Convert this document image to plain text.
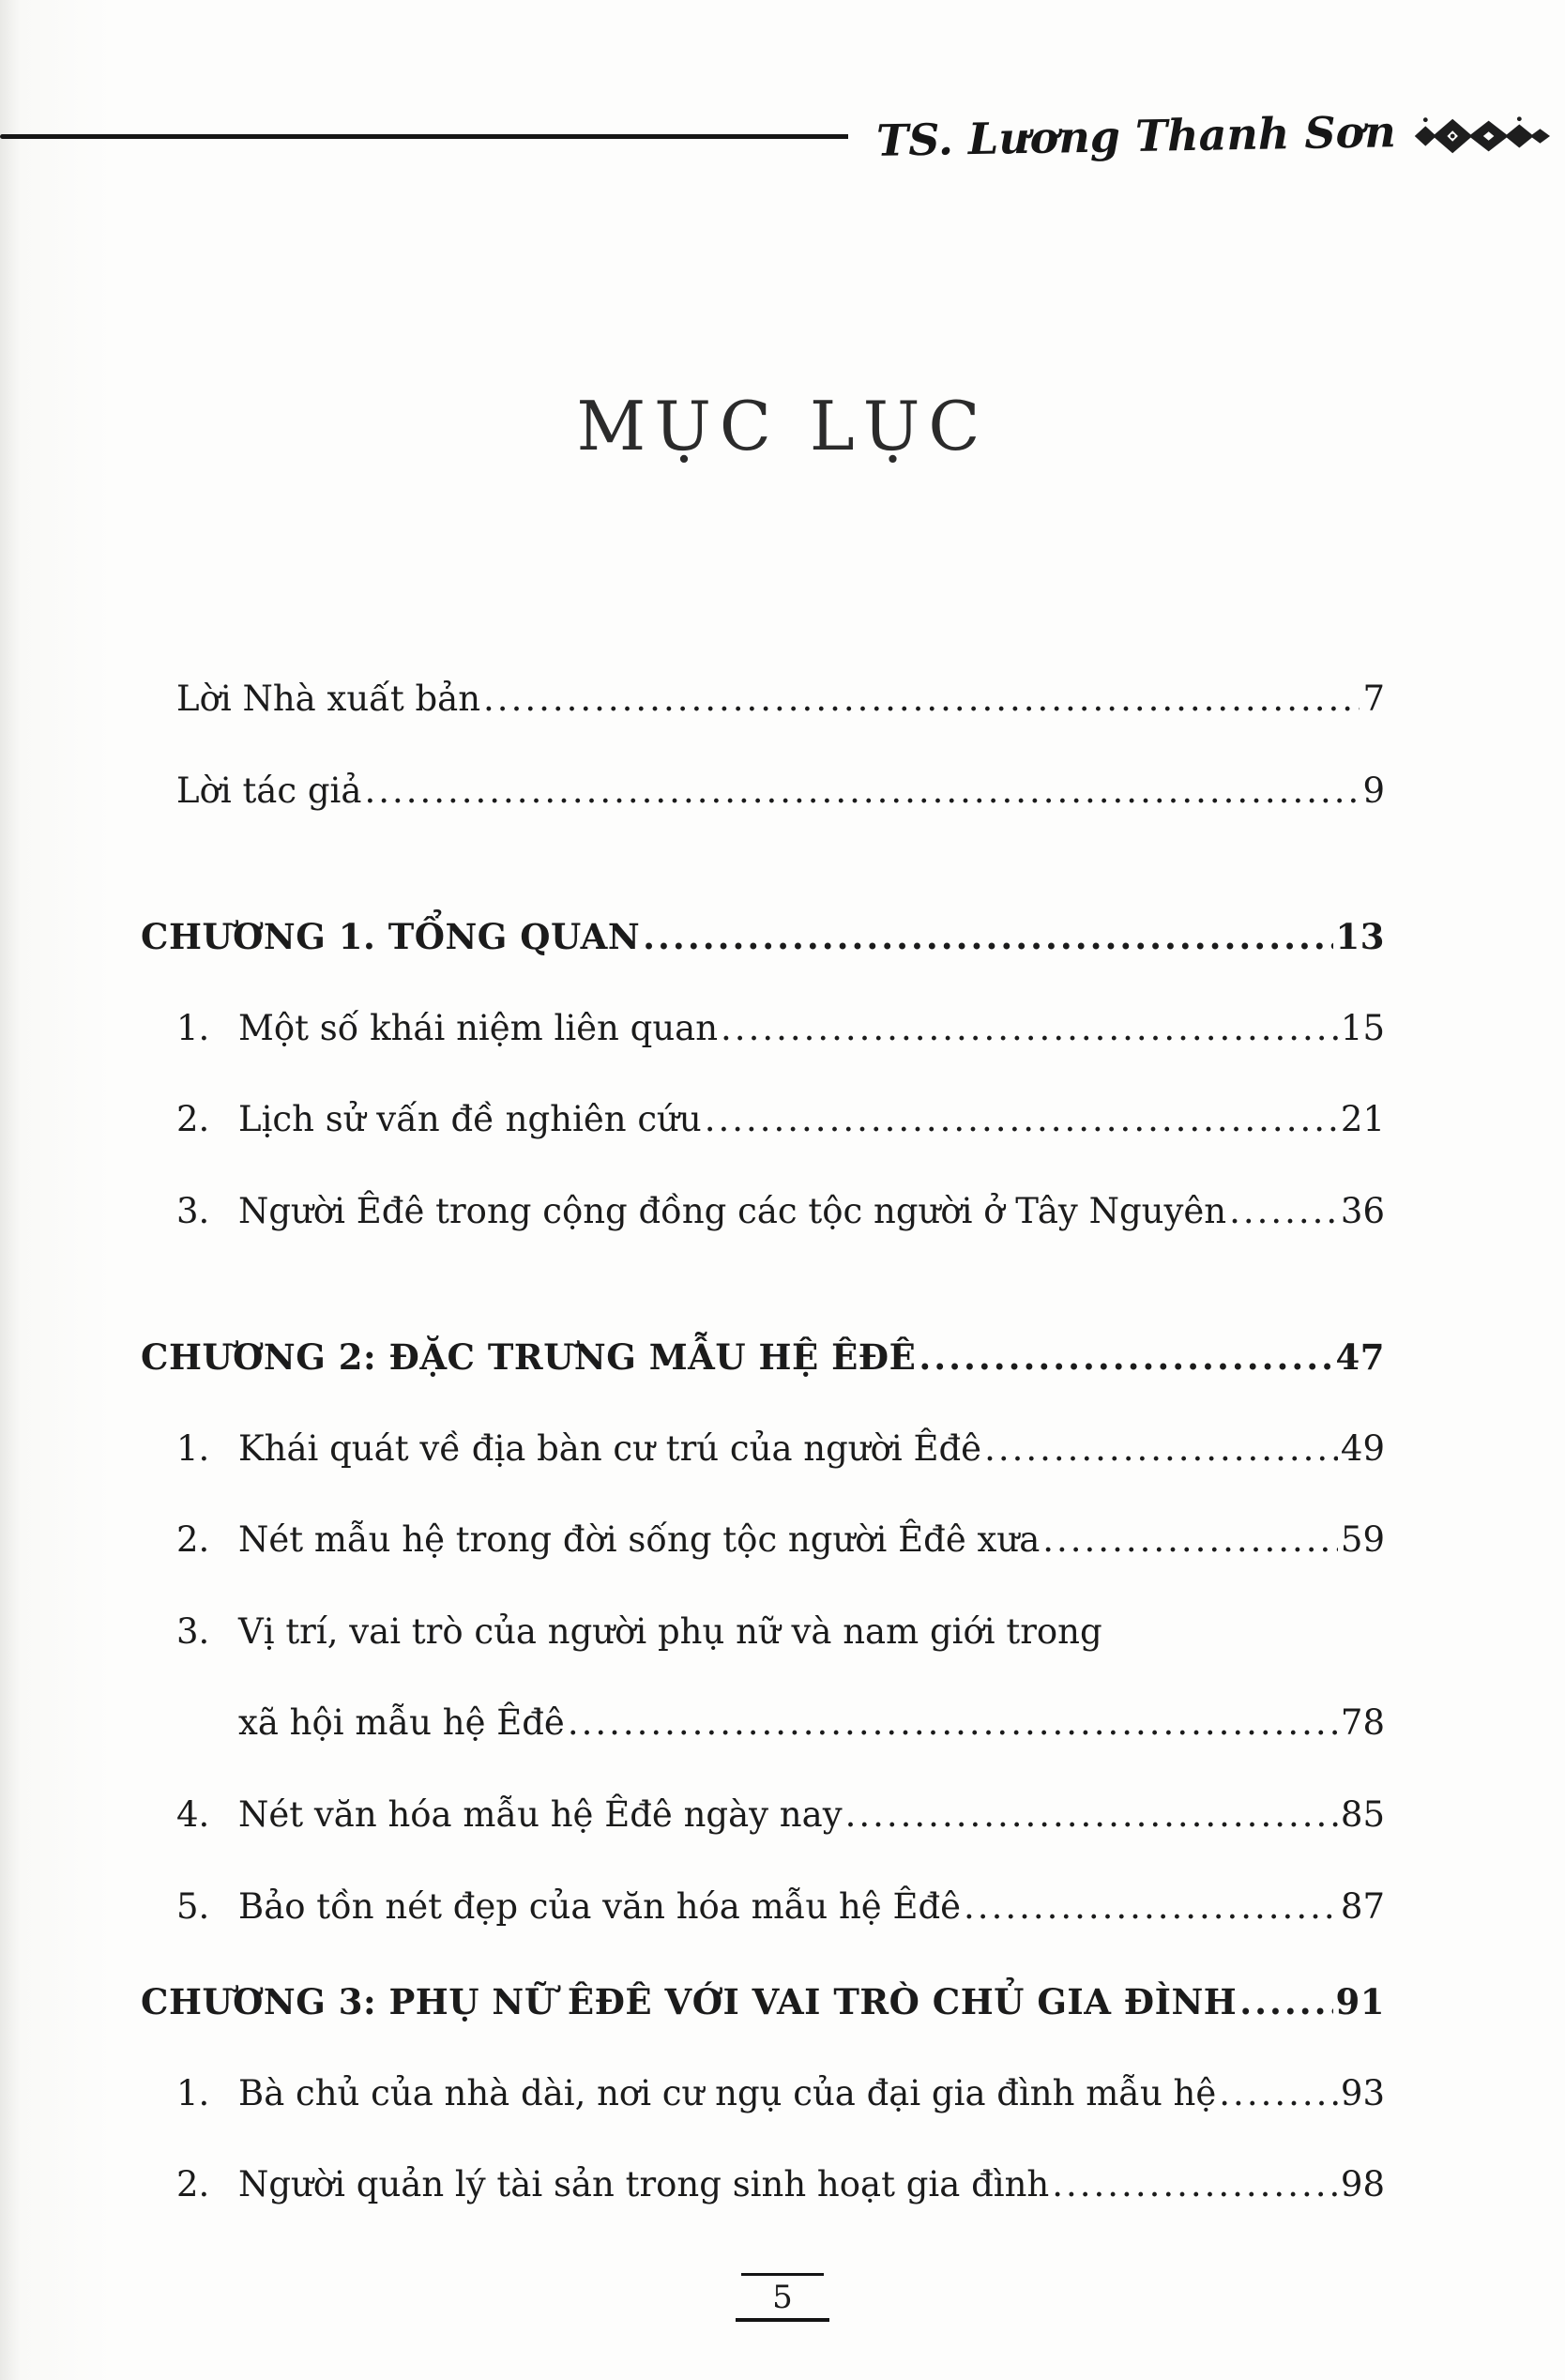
TS. Lương Thanh Sơn
MỤC LỤC
Lời Nhà xuất bản .....	7
Lời tác giả .....	9
CHƯƠNG 1. TỔNG QUAN .....	13
1. Một số khái niệm liên quan .....	15
2. Lịch sử vấn đề nghiên cứu .....	21
3. Người Êđê trong cộng đồng các tộc người ở Tây Nguyên .....	36
CHƯƠNG 2: ĐẶC TRƯNG MẪU HỆ ÊĐÊ .....	47
1. Khái quát về địa bàn cư trú của người Êđê .....	49
2. Nét mẫu hệ trong đời sống tộc người Êđê xưa .....	59
3. Vị trí, vai trò của người phụ nữ và nam giới trong
xã hội mẫu hệ Êđê .....	78
4. Nét văn hóa mẫu hệ Êđê ngày nay .....	85
5. Bảo tồn nét đẹp của văn hóa mẫu hệ Êđê .....	87
CHƯƠNG 3: PHỤ NỮ ÊĐÊ VỚI VAI TRÒ CHỦ GIA ĐÌNH .....	91
1. Bà chủ của nhà dài, nơi cư ngụ của đại gia đình mẫu hệ .....	93
2. Người quản lý tài sản trong sinh hoạt gia đình .....	98
5
